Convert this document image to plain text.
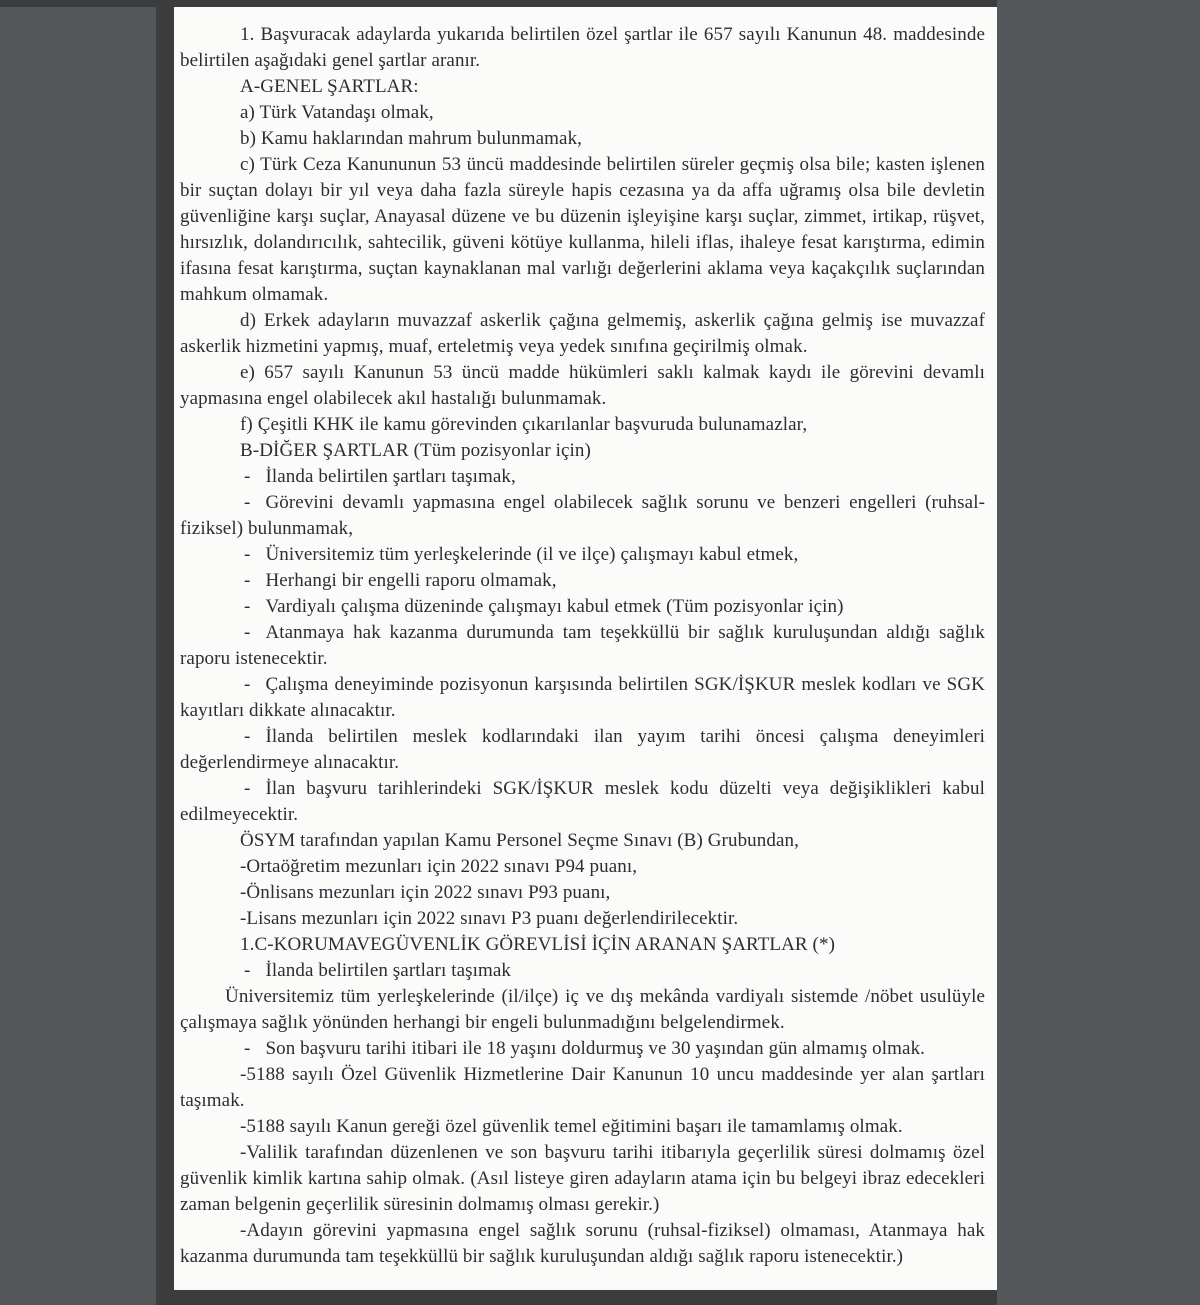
1. Başvuracak adaylarda yukarıda belirtilen özel şartlar ile 657 sayılı Kanunun 48. maddesinde belirtilen aşağıdaki genel şartlar aranır.

A-GENEL ŞARTLAR:

a) Türk Vatandaşı olmak,

b) Kamu haklarından mahrum bulunmamak,

c) Türk Ceza Kanununun 53 üncü maddesinde belirtilen süreler geçmiş olsa bile; kasten işlenen bir suçtan dolayı bir yıl veya daha fazla süreyle hapis cezasına ya da affa uğramış olsa bile devletin güvenliğine karşı suçlar, Anayasal düzene ve bu düzenin işleyişine karşı suçlar, zimmet, irtikap, rüşvet, hırsızlık, dolandırıcılık, sahtecilik, güveni kötüye kullanma, hileli iflas, ihaleye fesat karıştırma, edimin ifasına fesat karıştırma, suçtan kaynaklanan mal varlığı değerlerini aklama veya kaçakçılık suçlarından mahkum olmamak.

d) Erkek adayların muvazzaf askerlik çağına gelmemiş, askerlik çağına gelmiş ise muvazzaf askerlik hizmetini yapmış, muaf, erteletmiş veya yedek sınıfına geçirilmiş olmak.

e) 657 sayılı Kanunun 53 üncü madde hükümleri saklı kalmak kaydı ile görevini devamlı yapmasına engel olabilecek akıl hastalığı bulunmamak.

f) Çeşitli KHK ile kamu görevinden çıkarılanlar başvuruda bulunamazlar,

B-DİĞER ŞARTLAR (Tüm pozisyonlar için)

- İlanda belirtilen şartları taşımak,

- Görevini devamlı yapmasına engel olabilecek sağlık sorunu ve benzeri engelleri (ruhsal-fiziksel) bulunmamak,

- Üniversitemiz tüm yerleşkelerinde (il ve ilçe) çalışmayı kabul etmek,

- Herhangi bir engelli raporu olmamak,

- Vardiyalı çalışma düzeninde çalışmayı kabul etmek (Tüm pozisyonlar için)

- Atanmaya hak kazanma durumunda tam teşekküllü bir sağlık kuruluşundan aldığı sağlık raporu istenecektir.

- Çalışma deneyiminde pozisyonun karşısında belirtilen SGK/İŞKUR meslek kodları ve SGK kayıtları dikkate alınacaktır.

- İlanda belirtilen meslek kodlarındaki ilan yayım tarihi öncesi çalışma deneyimleri değerlendirmeye alınacaktır.

- İlan başvuru tarihlerindeki SGK/İŞKUR meslek kodu düzelti veya değişiklikleri kabul edilmeyecektir.

ÖSYM tarafından yapılan Kamu Personel Seçme Sınavı (B) Grubundan,

-Ortaöğretim mezunları için 2022 sınavı P94 puanı,

-Önlisans mezunları için 2022 sınavı P93 puanı,

-Lisans mezunları için 2022 sınavı P3 puanı değerlendirilecektir.

1.C-KORUMAVEGÜVENLİK GÖREVLİSİ İÇİN ARANAN ŞARTLAR (*)

- İlanda belirtilen şartları taşımak

Üniversitemiz tüm yerleşkelerinde (il/ilçe) iç ve dış mekânda vardiyalı sistemde /nöbet usulüyle çalışmaya sağlık yönünden herhangi bir engeli bulunmadığını belgelendirmek.

- Son başvuru tarihi itibari ile 18 yaşını doldurmuş ve 30 yaşından gün almamış olmak.

-5188 sayılı Özel Güvenlik Hizmetlerine Dair Kanunun 10 uncu maddesinde yer alan şartları taşımak.

-5188 sayılı Kanun gereği özel güvenlik temel eğitimini başarı ile tamamlamış olmak.

-Valilik tarafından düzenlenen ve son başvuru tarihi itibarıyla geçerlilik süresi dolmamış özel güvenlik kimlik kartına sahip olmak. (Asıl listeye giren adayların atama için bu belgeyi ibraz edecekleri zaman belgenin geçerlilik süresinin dolmamış olması gerekir.)

-Adayın görevini yapmasına engel sağlık sorunu (ruhsal-fiziksel) olmaması, Atanmaya hak kazanma durumunda tam teşekküllü bir sağlık kuruluşundan aldığı sağlık raporu istenecektir.)
